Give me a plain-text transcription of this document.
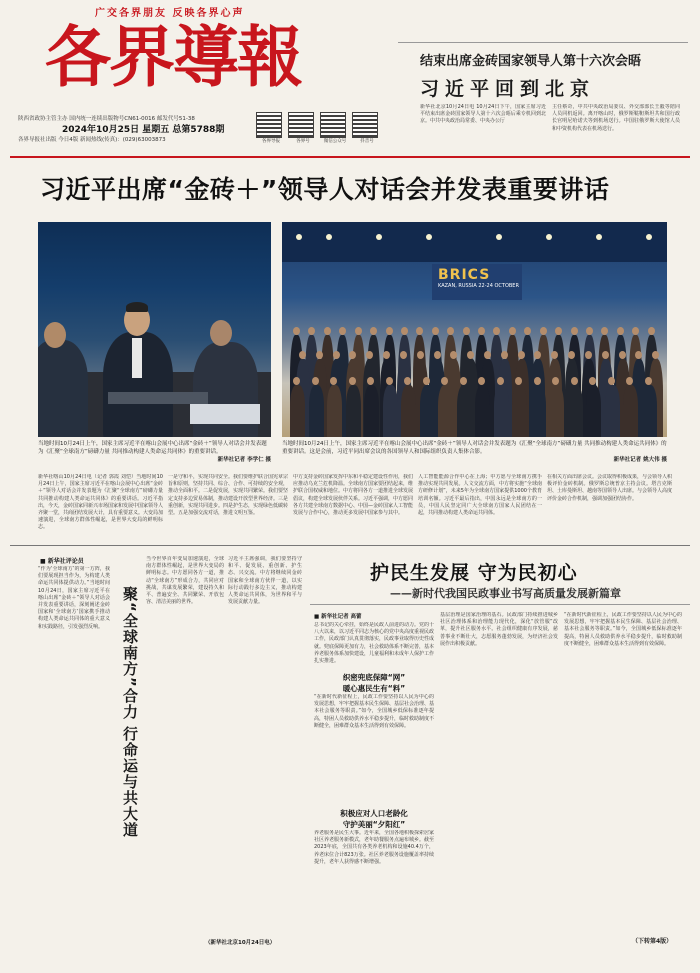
广交各界朋友 反映各界心声
各界導報
陕西省政协主管主办 国内统一连续出版物号CN61-0016 邮发代号51-38
2024年10月25日 星期五 总第5788期
各界导报社出版 今日4版 新闻热线(传真)：(029)63003873	各界导报	各界号	微信公众号	抖音号
结束出席金砖国家领导人第十六次会晤
习近平回到北京
新华社北京10月24日电 10月24日下午，国家主席习近平结束出席金砖国家领导人第十六次会晤后乘专机回到北京。中共中央政治局常委、中央办公厅
主任蔡奇，中共中央政治局委员、外交部部长王毅等陪同人员同机返回。离开喀山时，俄罗斯鞑靼斯坦共和国行政长官明尼哈诺夫等到机场送行。中国驻俄罗斯大使馆人员和中资机构代表在机场送行。
习近平出席“金砖＋”领导人对话会并发表重要讲话
当地时间10月24日上午，国家主席习近平在喀山会展中心出席“金砖＋”领导人对话会并发表题为《汇聚“全球南方”磅礴力量 共同推动构建人类命运共同体》的重要讲话。
新华社记者 李学仁 摄
BRICS
KAZAN, RUSSIA 22-24 OCTOBER
当地时间10月24日上午，国家主席习近平在喀山会展中心出席“金砖＋”领导人对话会并发表题为《汇聚“全球南方”磅礴力量 共同推动构建人类命运共同体》的重要讲话。这是会前，习近平同出席会议的各国领导人和国际组织负责人集体合影。
新华社记者 姚大伟 摄
新华社喀山10月24日电（记者 郭霞 刘恺）当地时间10月24日上午，国家主席习近平在喀山会展中心出席“金砖＋”领导人对话会并发表题为《汇聚“全球南方”磅礴力量 共同推动构建人类命运共同体》的重要讲话。习近平指出，今天，金砖国家同新兴市场国家和发展中国家领导人齐聚一堂，共商团结发展大计，具有重要意义。大变局加速演进，全球南方群体性崛起，是世界大变局的鲜明标志。
一是守和平，实现共同安全。我们要维护联合国宪章宗旨和原则，坚持共同、综合、合作、可持续的安全观，推动全面和平。二是促发展，实现共同繁荣。我们要坚定支持多边贸易体制，推动建设开放型世界经济。三是重创新，实现共同进步。四是护生态，实现绿色低碳转型。五是加强交流对话，推进文明互鉴。
中方支持金砖国家发挥中东和平稳定建设性作用，我们应推动乌克兰危机降温。全球南方国家要团结起来，维护联合国权威和地位。中方将同各方一道推进全球发展倡议，构建全球发展伙伴关系。习近平强调，中方愿同各方共建全球南方数据中心、中国—金砖国家人工智能发展与合作中心，推动更多发展中国家参与其中。
人工智能能源合作中心在上海；中方愿与全球南方携手推动实现共同发展。人文交流方面，中方将实施“全球南方研修计划”，未来5年为全球南方国家提供1000个教育培训名额。习近平最后指出，中国永远是全球南方的一员，中国人民坚定同广大全球南方国家人民团结在一起，共同推动构建人类命运共同体。
在相关方面出席会议。会议取得积极成果，与会领导人积极评价金砖机制。俄罗斯总统普京主持会议。塔吉克斯坦、土库曼斯坦、越南等国领导人出席。与会领导人高度评价金砖合作机制，强调加强团结协作。
■ 新华社评论员
“作为‘全球南方’的第一方阵，我们要展现担当作为，为构建人类命运共同体提供动力。”当地时间10月24日，国家主席习近平在喀山出席“金砖＋”领导人对话会并发表重要讲话，深刻阐述金砖国家和‘全球南方’国家携手推动构建人类命运共同体的重大意义和实践路径，引发强烈反响。	聚“全球南方”合力 行命运与共大道
当今世界百年变局加速演进，全球南方群体性崛起，是世界大变局的鲜明标志。中方愿同各方一道，推动“全球南方”形成合力，共同应对挑战，共谋发展繁荣，建设持久和平、普遍安全、共同繁荣、开放包容、清洁美丽的世界。
习近平主席强调，我们要坚持守和平、促发展、重创新、护生态、兴交流。中方将继续同金砖国家和全球南方伙伴一道，以实际行动践行多边主义，推动构建人类命运共同体，为世界和平与发展贡献力量。
（新华社北京10月24日电）
护民生发展 守为民初心
——新时代我国民政事业书写高质量发展新篇章
■ 新华社记者 高蕾
总书记的关心牵挂，始终是民政人前进的动力。党的十八大以来，以习近平同志为核心的党中央高度重视民政工作，民政部门认真贯彻落实，民政事业取得历史性成就。兜底保障更加有力，社会救助体系不断完善，基本养老服务体系加快建设，儿童福利和未成年人保护工作扎实推进。
织密兜底保障“网”
暖心惠民生有“料”
“在新时代新征程上，民政工作要坚持以人民为中心的发展思想，牢牢把握基本民生保障、基层社会治理、基本社会服务等职责。”如今，全国城乡低保标准逐年提高，特困人员救助供养水平稳步提升，临时救助制度不断健全，困难群众基本生活得到有效保障。
积极应对人口老龄化
守护美丽“夕阳红”
养老服务是民生大事。近年来，全国各地积极探索居家社区养老服务新模式，老年助餐服务点遍布城乡。截至2023年底，全国共有各类养老机构和设施40.4万个，养老床位合计823万张。社区养老服务设施覆盖率持续提升，老年人获得感不断增强。
基层治理是国家治理的基石。民政部门持续推进城乡社区治理体系和治理能力现代化，深化“放管服”改革，提升社区服务水平。社会组织健康有序发展，慈善事业不断壮大，志愿服务蓬勃发展，为经济社会发展作出积极贡献。
“在新时代新征程上，民政工作要坚持以人民为中心的发展思想，牢牢把握基本民生保障、基层社会治理、基本社会服务等职责。”如今，全国城乡低保标准逐年提高，特困人员救助供养水平稳步提升，临时救助制度不断健全，困难群众基本生活得到有效保障。
（下转第4版）
